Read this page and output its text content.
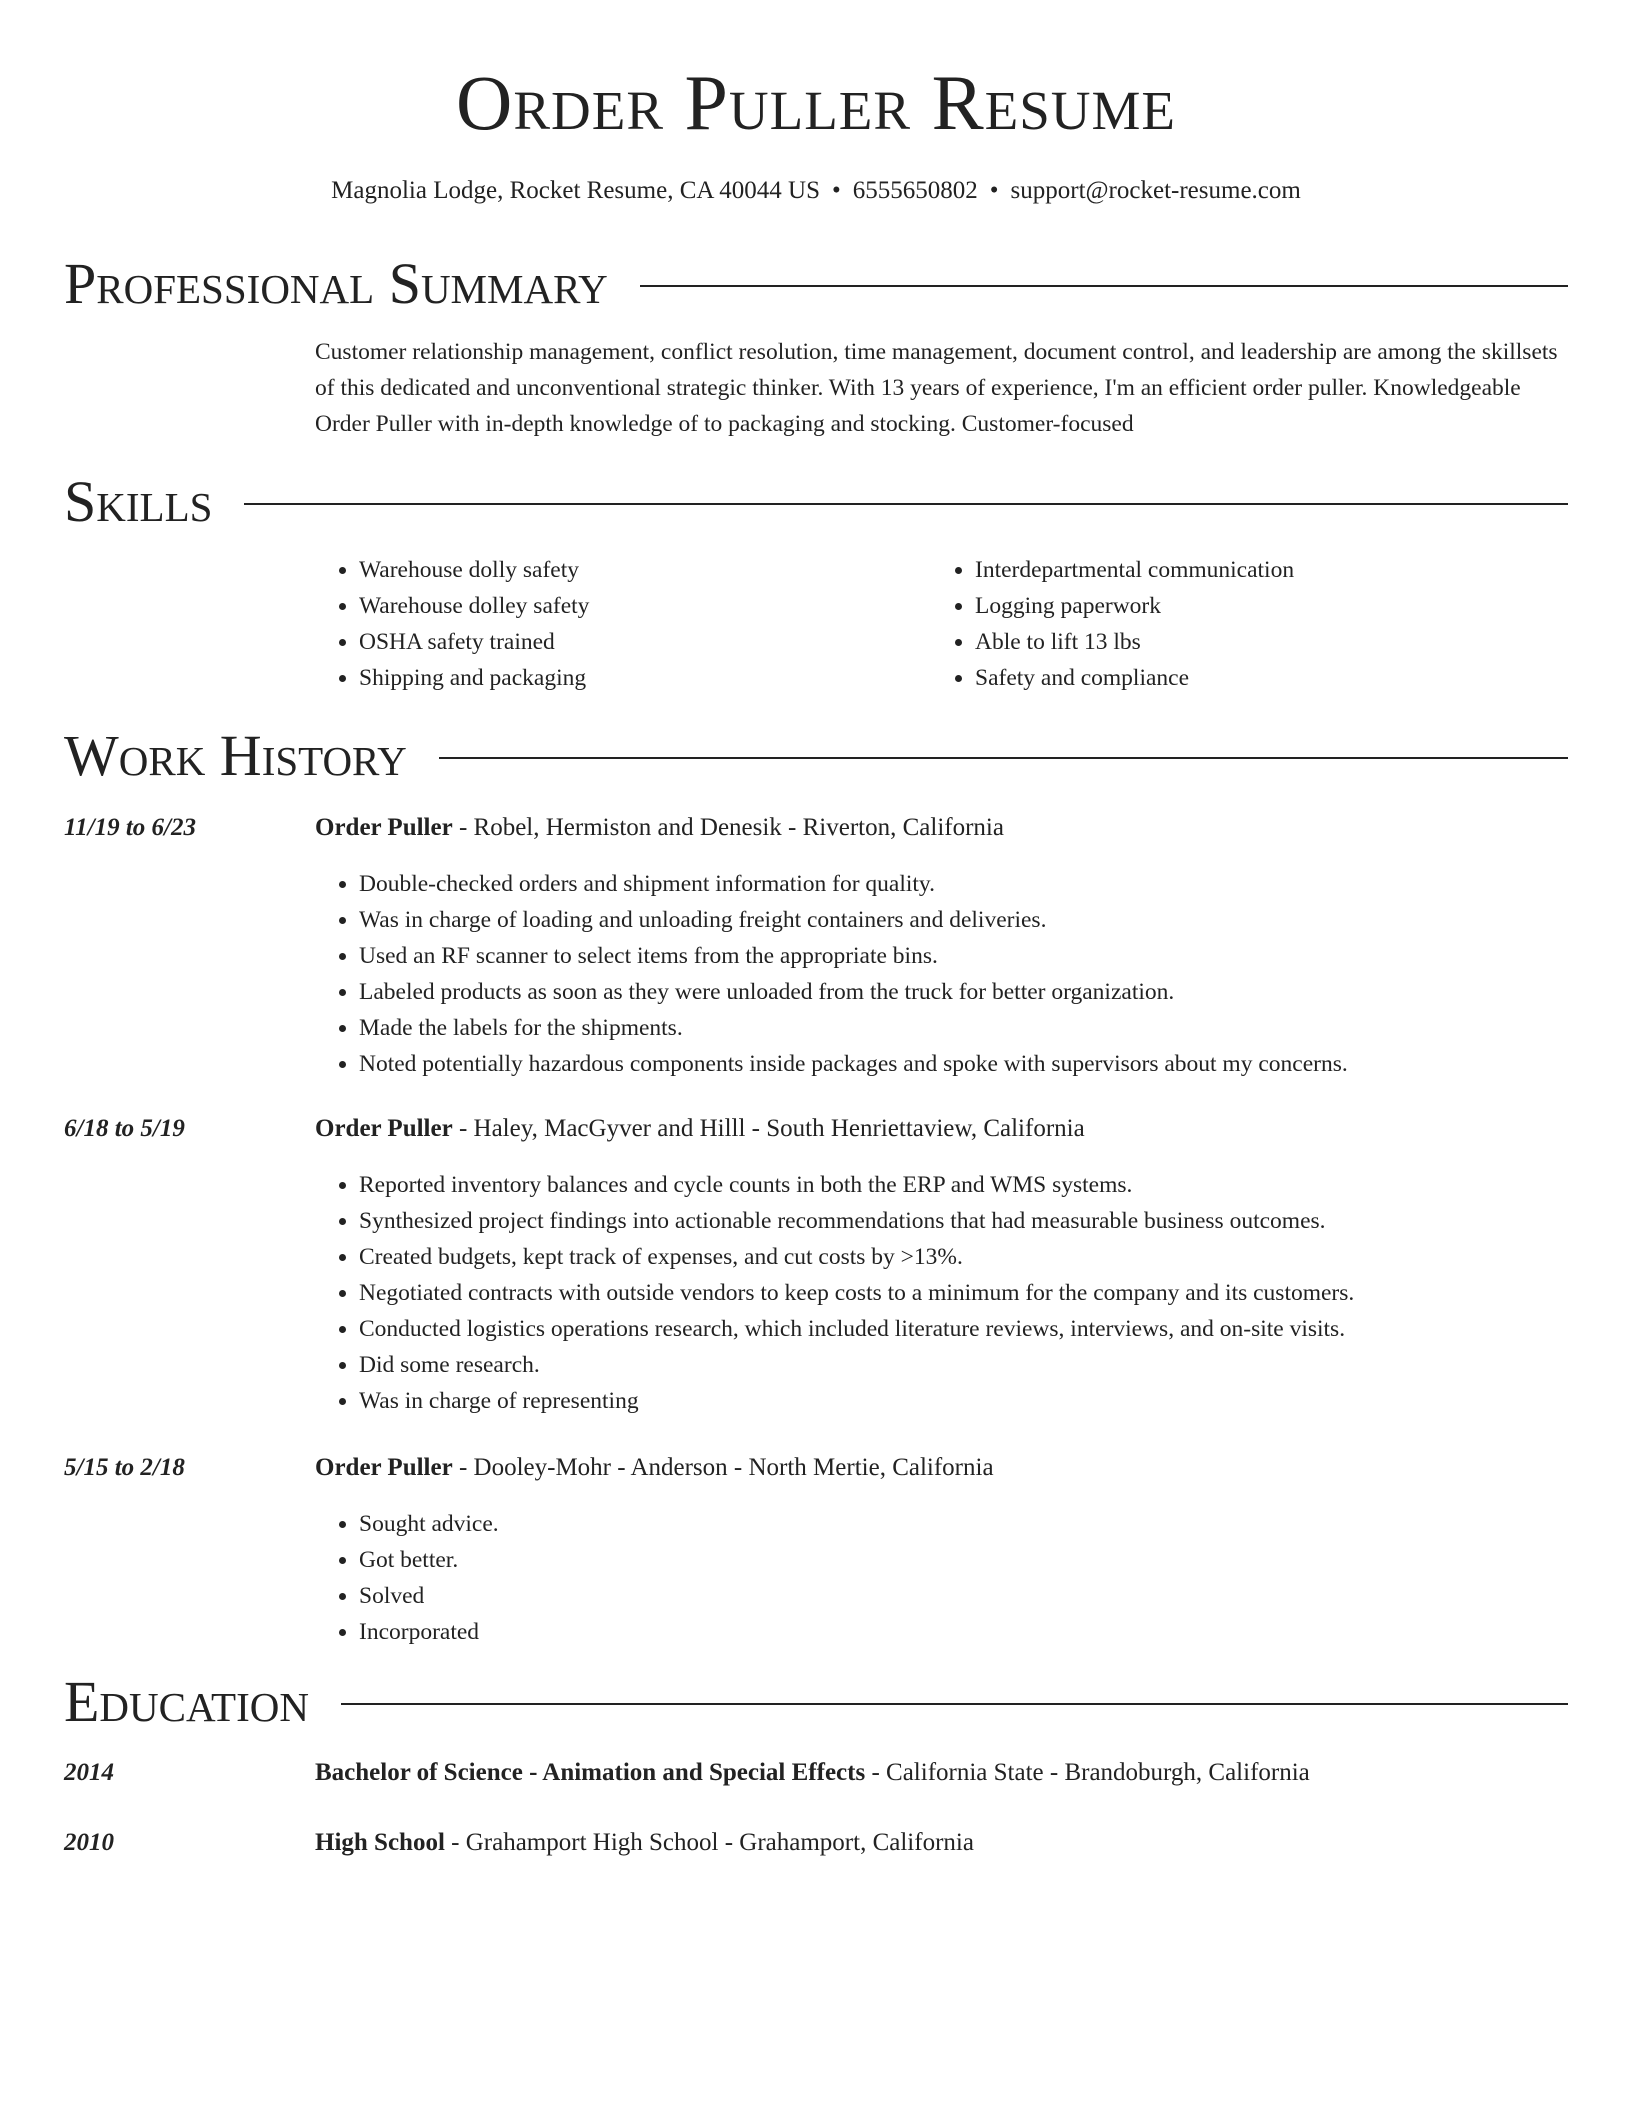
Order Puller Resume
Magnolia Lodge, Rocket Resume, CA 40044 US • 6555650802 • support@rocket-resume.com
Professional Summary
Customer relationship management, conflict resolution, time management, document control, and leadership are among the skillsets of this dedicated and unconventional strategic thinker. With 13 years of experience, I'm an efficient order puller. Knowledgeable Order Puller with in-depth knowledge of to packaging and stocking. Customer-focused
Skills
• Warehouse dolly safety
• Warehouse dolley safety
• OSHA safety trained
• Shipping and packaging
• Interdepartmental communication
• Logging paperwork
• Able to lift 13 lbs
• Safety and compliance
Work History
11/19 to 6/23	Order Puller - Robel, Hermiston and Denesik - Riverton, California
• Double-checked orders and shipment information for quality.
• Was in charge of loading and unloading freight containers and deliveries.
• Used an RF scanner to select items from the appropriate bins.
• Labeled products as soon as they were unloaded from the truck for better organization.
• Made the labels for the shipments.
• Noted potentially hazardous components inside packages and spoke with supervisors about my concerns.
6/18 to 5/19	Order Puller - Haley, MacGyver and Hilll - South Henriettaview, California
• Reported inventory balances and cycle counts in both the ERP and WMS systems.
• Synthesized project findings into actionable recommendations that had measurable business outcomes.
• Created budgets, kept track of expenses, and cut costs by >13%.
• Negotiated contracts with outside vendors to keep costs to a minimum for the company and its customers.
• Conducted logistics operations research, which included literature reviews, interviews, and on-site visits.
• Did some research.
• Was in charge of representing
5/15 to 2/18	Order Puller - Dooley-Mohr - Anderson - North Mertie, California
• Sought advice.
• Got better.
• Solved
• Incorporated
Education
2014	Bachelor of Science - Animation and Special Effects - California State - Brandoburgh, California
2010	High School - Grahamport High School - Grahamport, California
